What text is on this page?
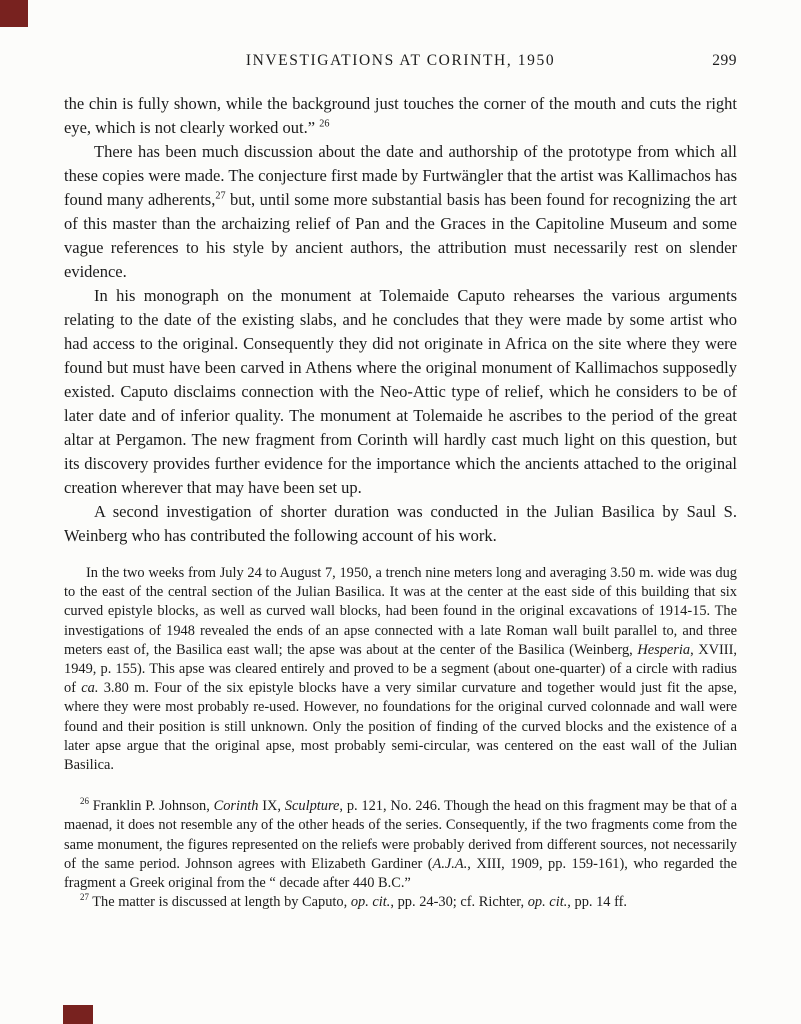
INVESTIGATIONS AT CORINTH, 1950	299

the chin is fully shown, while the background just touches the corner of the mouth and cuts the right eye, which is not clearly worked out.” $^{26}$

There has been much discussion about the date and authorship of the prototype from which all these copies were made. The conjecture first made by Furtwängler that the artist was Kallimachos has found many adherents,$^{27}$ but, until some more substantial basis has been found for recognizing the art of this master than the archaizing relief of Pan and the Graces in the Capitoline Museum and some vague references to his style by ancient authors, the attribution must necessarily rest on slender evidence.

In his monograph on the monument at Tolemaide Caputo rehearses the various arguments relating to the date of the existing slabs, and he concludes that they were made by some artist who had access to the original. Consequently they did not originate in Africa on the site where they were found but must have been carved in Athens where the original monument of Kallimachos supposedly existed. Caputo disclaims connection with the Neo-Attic type of relief, which he considers to be of later date and of inferior quality. The monument at Tolemaide he ascribes to the period of the great altar at Pergamon. The new fragment from Corinth will hardly cast much light on this question, but its discovery provides further evidence for the importance which the ancients attached to the original creation wherever that may have been set up.

A second investigation of shorter duration was conducted in the Julian Basilica by Saul S. Weinberg who has contributed the following account of his work.

In the two weeks from July 24 to August 7, 1950, a trench nine meters long and averaging 3.50 m. wide was dug to the east of the central section of the Julian Basilica. It was at the center at the east side of this building that six curved epistyle blocks, as well as curved wall blocks, had been found in the original excavations of 1914-15. The investigations of 1948 revealed the ends of an apse connected with a late Roman wall built parallel to, and three meters east of, the Basilica east wall; the apse was about at the center of the Basilica (Weinberg, Hesperia, XVIII, 1949, p. 155). This apse was cleared entirely and proved to be a segment (about one-quarter) of a circle with radius of ca. 3.80 m. Four of the six epistyle blocks have a very similar curvature and together would just fit the apse, where they were most probably re-used. However, no foundations for the original curved colonnade and wall were found and their position is still unknown. Only the position of finding of the curved blocks and the existence of a later apse argue that the original apse, most probably semi-circular, was centered on the east wall of the Julian Basilica.

$^{26}$ Franklin P. Johnson, Corinth IX, Sculpture, p. 121, No. 246. Though the head on this fragment may be that of a maenad, it does not resemble any of the other heads of the series. Consequently, if the two fragments come from the same monument, the figures represented on the reliefs were probably derived from different sources, not necessarily of the same period. Johnson agrees with Elizabeth Gardiner (A.J.A., XIII, 1909, pp. 159-161), who regarded the fragment a Greek original from the “ decade after 440 B.C.”

$^{27}$ The matter is discussed at length by Caputo, op. cit., pp. 24-30; cf. Richter, op. cit., pp. 14 ff.
